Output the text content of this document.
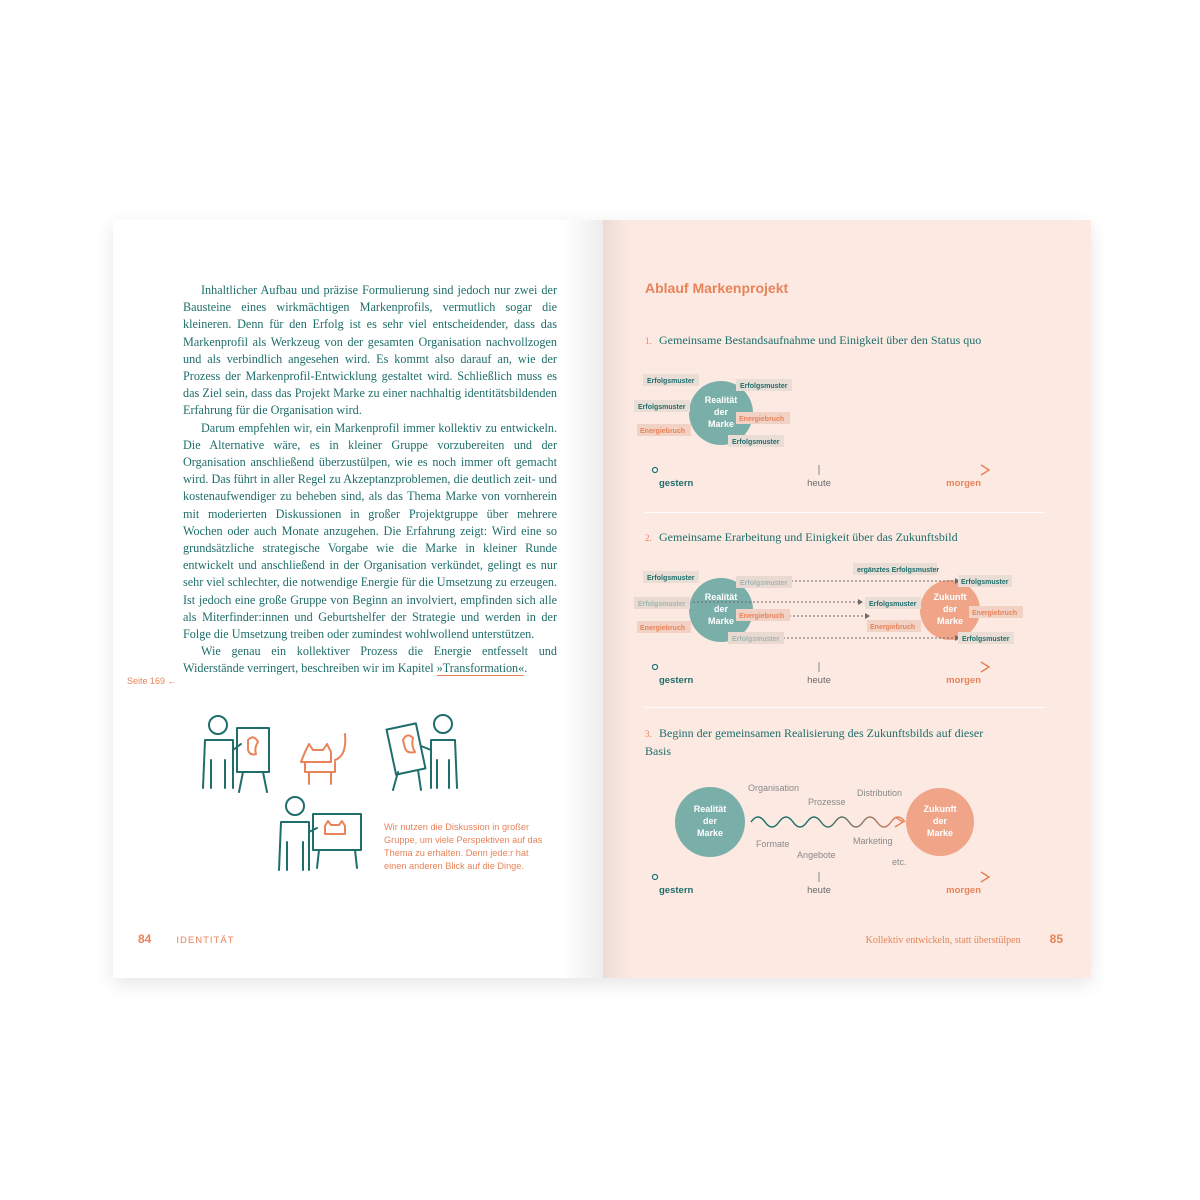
Inhaltlicher Aufbau und präzise Formulierung sind jedoch nur zwei der Bausteine eines wirkmächtigen Markenprofils, vermutlich sogar die kleineren. Denn für den Erfolg ist es sehr viel entscheidender, dass das Markenprofil als Werkzeug von der gesamten Organisation nachvollzogen und als verbindlich angesehen wird. Es kommt also darauf an, wie der Prozess der Markenprofil-Entwicklung gestaltet wird. Schließlich muss es das Ziel sein, dass das Projekt Marke zu einer nachhaltig identitätsbildenden Erfahrung für die Organisation wird.

Darum empfehlen wir, ein Markenprofil immer kollektiv zu entwickeln. Die Alternative wäre, es in kleiner Gruppe vorzubereiten und der Organisation anschließend überzustülpen, wie es noch immer oft gemacht wird. Das führt in aller Regel zu Akzeptanzproblemen, die deutlich zeit- und kostenaufwendiger zu beheben sind, als das Thema Marke von vornherein mit moderierten Diskussionen in großer Projektgruppe über mehrere Wochen oder auch Monate anzugehen. Die Erfahrung zeigt: Wird eine so grundsätzliche strategische Vorgabe wie die Marke in kleiner Runde entwickelt und anschließend in der Organisation verkündet, gelingt es nur sehr viel schlechter, die notwendige Energie für die Umsetzung zu erzeugen. Ist jedoch eine große Gruppe von Beginn an involviert, empfinden sich alle als Miterfinder:innen und Geburtshelfer der Strategie und werden in der Folge die Umsetzung treiben oder zumindest wohlwollend unterstützen.

Wie genau ein kollektiver Prozess die Energie entfesselt und Widerstände verringert, beschreiben wir im Kapitel »Transformation«.

Seite 169 ←
Wir nutzen die Diskussion in großer Gruppe, um viele Perspektiven auf das Thema zu erhalten. Denn jede:r hat einen anderen Blick auf die Dinge.
84	IDENTITÄT
Ablauf Markenprojekt
1. Gemeinsame Bestandsaufnahme und Einigkeit über den Status quo
2. Gemeinsame Erarbeitung und Einigkeit über das Zukunftsbild
3. Beginn der gemeinsamen Realisierung des Zukunftsbilds auf dieser Basis
Realität
der
Marke
Erfolgsmuster
Erfolgsmuster
Erfolgsmuster
Energiebruch
Energiebruch
Erfolgsmuster
gestern	heute	morgen
Realität
der
Marke
Zukunft
der
Marke
Erfolgsmuster
Erfolgsmuster
Erfolgsmuster
Energiebruch
Energiebruch
Erfolgsmuster
ergänztes Erfolgsmuster
Erfolgsmuster
Erfolgsmuster
Energiebruch
Energiebruch
Erfolgsmuster
gestern	heute	morgen
Realität
der
Marke
Zukunft
der
Marke
Organisation
Prozesse
Distribution
Formate
Angebote
Marketing
etc.
gestern	heute	morgen
Kollektiv entwickeln, statt überstülpen 85
